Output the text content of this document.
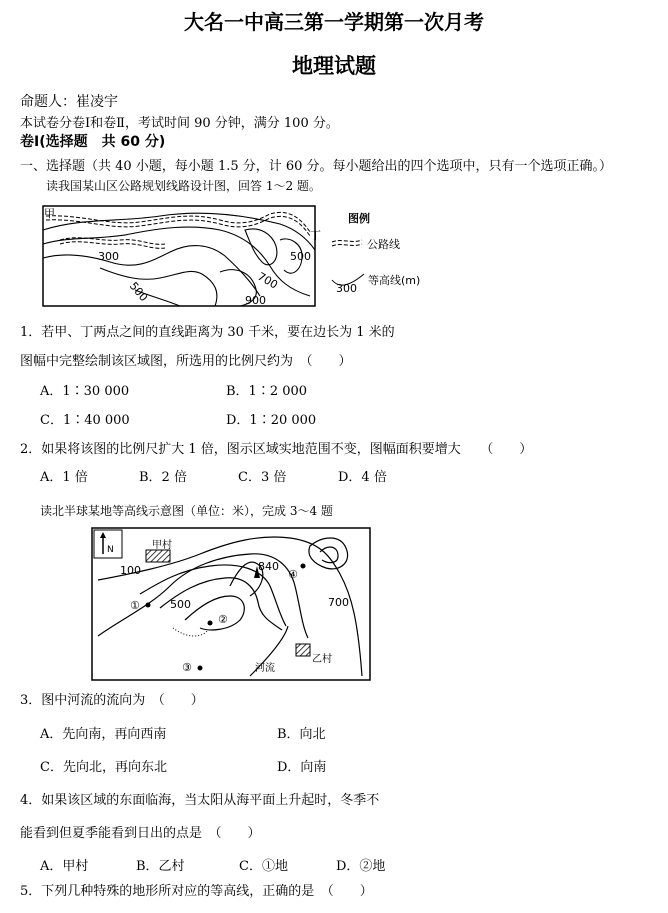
大名一中高三第一学期第一次月考
地理试题
命题人：崔凌宇
本试卷分卷Ⅰ和卷Ⅱ，考试时间 90 分钟，满分 100 分。
卷Ⅰ(选择题　共 60 分)
一、选择题（共 40 小题，每小题 1.5 分，计 60 分。每小题给出的四个选项中，只有一个选项正确。）
读我国某山区公路规划线路设计图，回答 1～2 题。
甲
丁
300
500
500
700
900
图例
公路线
300
等高线(m)
1．若甲、丁两点之间的直线距离为 30 千米，要在边长为 1 米的
图幅中完整绘制该区域图，所选用的比例尺约为　（　　）
A．1∶30 000	B．1∶2 000
C．1∶40 000	D．1∶20 000
2．如果将该图的比例尺扩大 1 倍，图示区域实地范围不变，图幅面积要增大　　（　　）
A．1 倍	B．2 倍	C．3 倍	D．4 倍
读北半球某地等高线示意图（单位：米），完成 3～4 题
N	甲村
乙村
①
②
③
④
840
100
500	700
河流
3．图中河流的流向为　（　　）
A．先向南，再向西南	B．向北
C．先向北，再向东北	D．向南
4．如果该区域的东面临海，当太阳从海平面上升起时，冬季不
能看到但夏季能看到日出的点是　（　　）
A．甲村	B．乙村	C．①地	D．②地
5．下列几种特殊的地形所对应的等高线，正确的是　（　　）
